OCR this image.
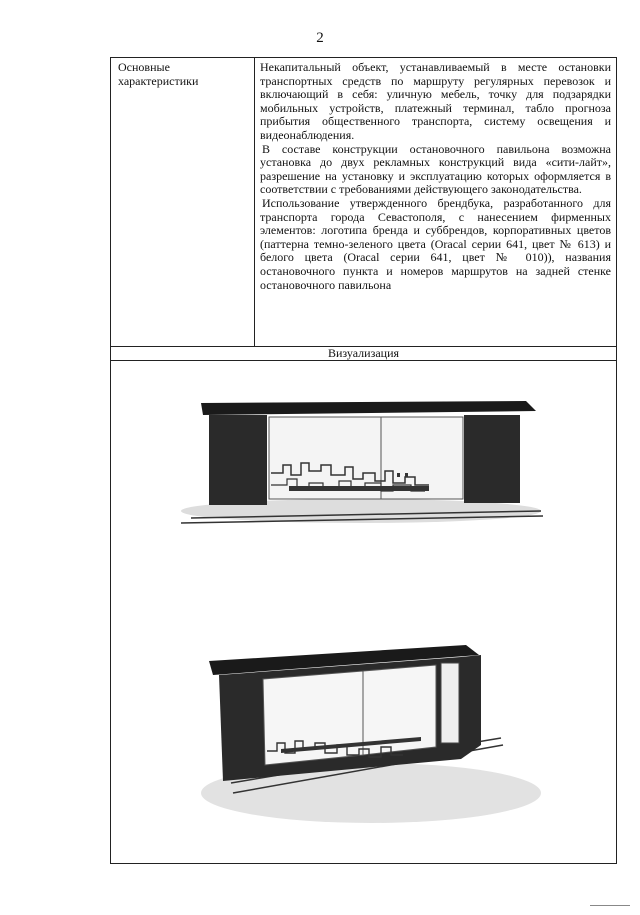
2
Основные характеристики

Некапитальный объект, устанавливаемый в месте остановки транспортных средств по маршруту регулярных перевозок и включающий в себя: уличную мебель, точку для подзарядки мобильных устройств, платежный терминал, табло прогноза прибытия общественного транспорта, систему освещения и видеонаблюдения.

В составе конструкции остановочного павильона возможна установка до двух рекламных конструкций вида «сити-лайт», разрешение на установку и эксплуатацию которых оформляется в соответствии с требованиями действующего законодательства.

Использование утвержденного брендбука, разработанного для транспорта города Севастополя, с нанесением фирменных элементов: логотипа бренда и суббрендов, корпоративных цветов (паттерна темно-зеленого цвета (Oracal серии 641, цвет № 613) и белого цвета (Oracal серии 641, цвет № 010)), названия остановочного пункта и номеров маршрутов на задней стенке остановочного павильона

Визуализация
